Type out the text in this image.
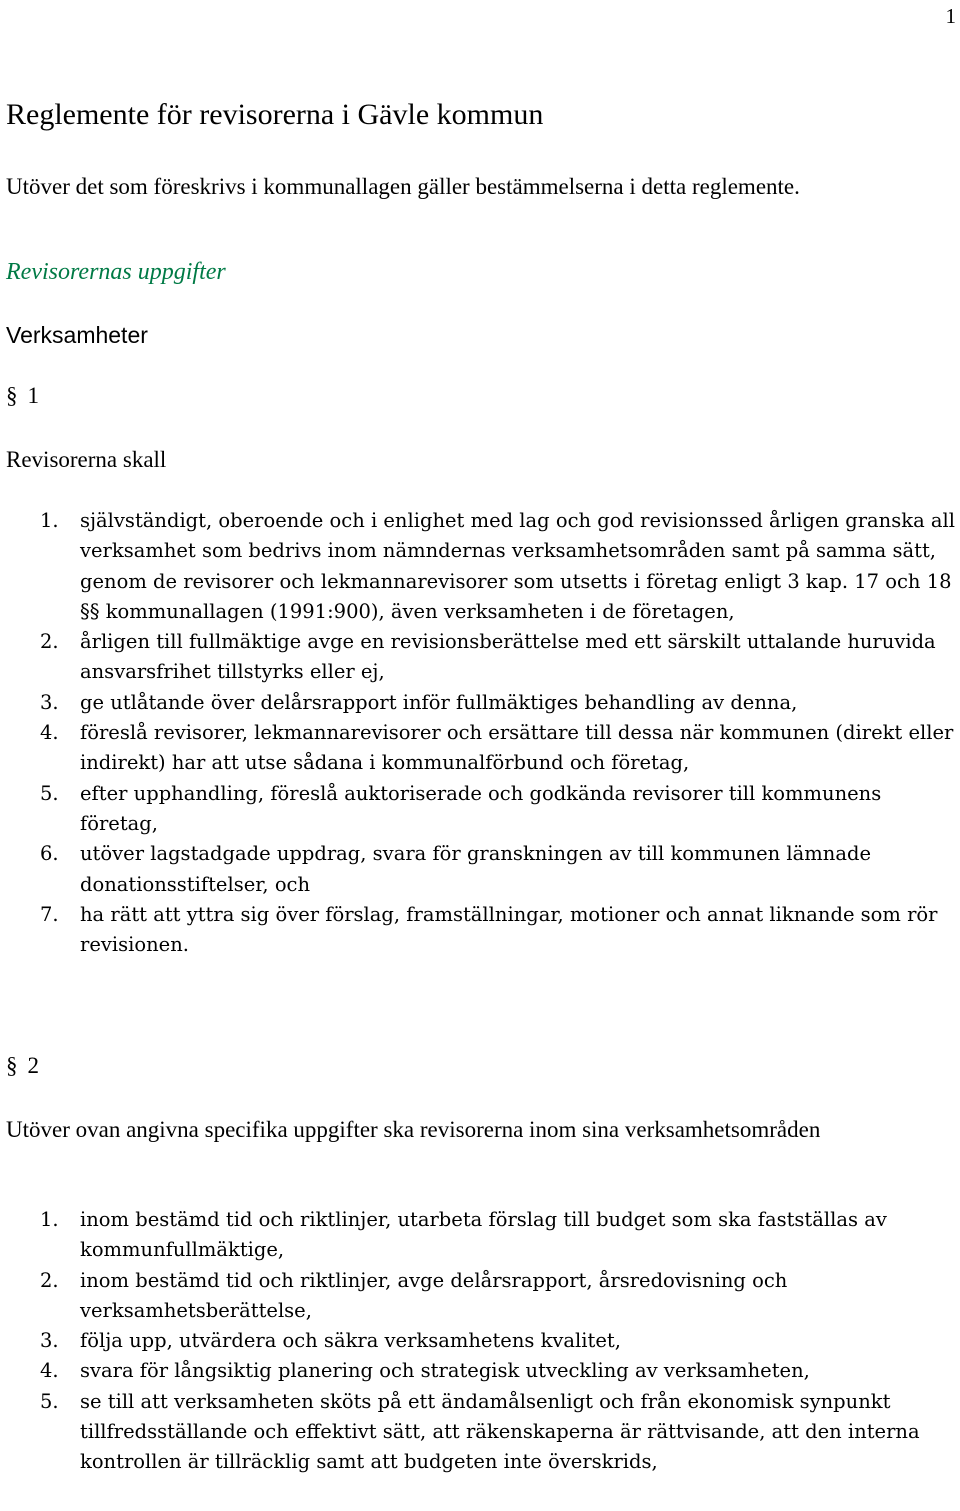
1
Reglemente för revisorerna i Gävle kommun

Utöver det som föreskrivs i kommunallagen gäller bestämmelserna i detta reglemente.

Revisorernas uppgifter
Verksamheter

§ 1

Revisorerna skall

1. självständigt, oberoende och i enlighet med lag och god revisionssed årligen granska all verksamhet som bedrivs inom nämndernas verksamhetsområden samt på samma sätt, genom de revisorer och lekmannarevisorer som utsetts i företag enligt 3 kap. 17 och 18 §§ kommunallagen (1991:900), även verksamheten i de företagen,
2. årligen till fullmäktige avge en revisionsberättelse med ett särskilt uttalande huruvida ansvarsfrihet tillstyrks eller ej,
3. ge utlåtande över delårsrapport inför fullmäktiges behandling av denna,
4. föreslå revisorer, lekmannarevisorer och ersättare till dessa när kommunen (direkt eller indirekt) har att utse sådana i kommunalförbund och företag,
5. efter upphandling, föreslå auktoriserade och godkända revisorer till kommunens företag,
6. utöver lagstadgade uppdrag, svara för granskningen av till kommunen lämnade donationsstiftelser, och
7. ha rätt att yttra sig över förslag, framställningar, motioner och annat liknande som rör revisionen.

§ 2

Utöver ovan angivna specifika uppgifter ska revisorerna inom sina verksamhetsområden

1. inom bestämd tid och riktlinjer, utarbeta förslag till budget som ska fastställas av kommunfullmäktige,
2. inom bestämd tid och riktlinjer, avge delårsrapport, årsredovisning och verksamhetsberättelse,
3. följa upp, utvärdera och säkra verksamhetens kvalitet,
4. svara för långsiktig planering och strategisk utveckling av verksamheten,
5. se till att verksamheten sköts på ett ändamålsenligt och från ekonomisk synpunkt tillfredsställande och effektivt sätt, att räkenskaperna är rättvisande, att den interna kontrollen är tillräcklig samt att budgeten inte överskrids,
